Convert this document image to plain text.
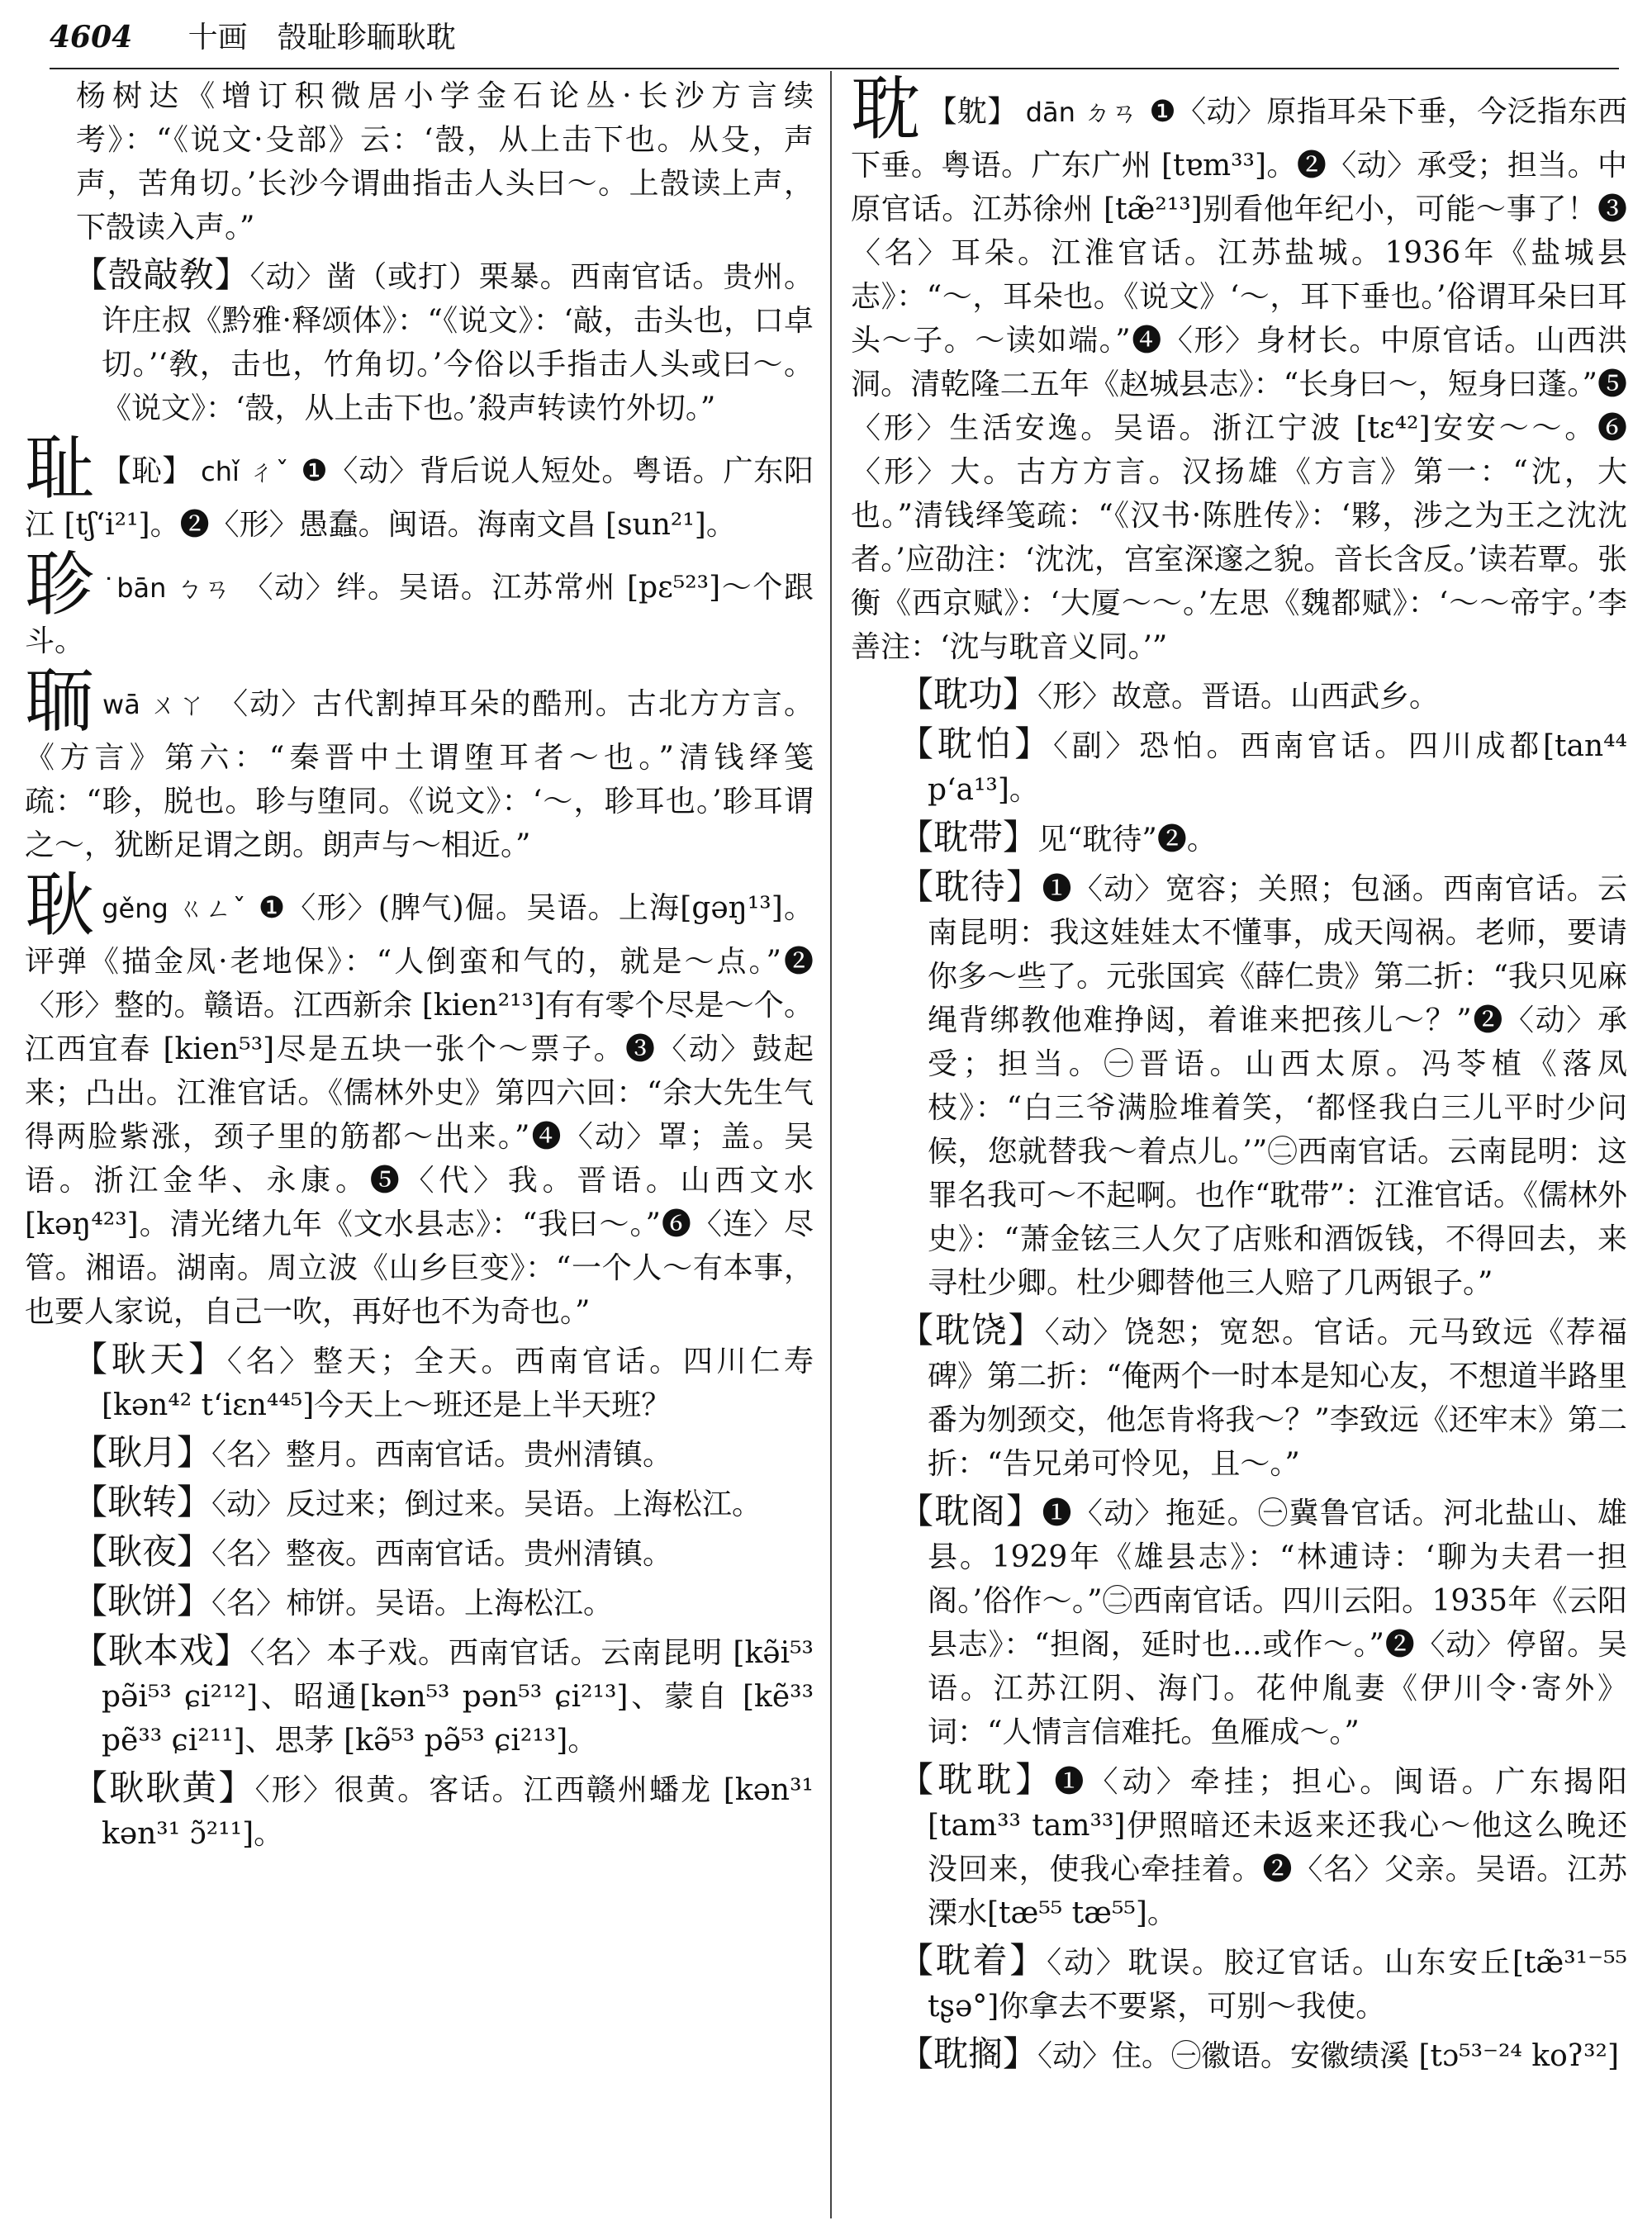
4604 十画 嗀耻聄聏耿耽
杨树达《增订积微居小学金石论丛·长沙方言续考》：“《说文·殳部》云：‘嗀，从上击下也。从殳，声声，苦角切。’长沙今谓曲指击人头曰～。上嗀读上声，下嗀读入声。”
【嗀敲敎】〈动〉凿（或打）栗暴。西南官话。贵州。许庄叔《黔雅·释颂体》：“《说文》：‘敲，击头也，口卓切。’‘敎，击也，竹角切。’今俗以手指击人头或曰～。《说文》：‘嗀，从上击下也。’殺声转读竹外切。”
耻 【恥】 chǐ ㄔˇ ❶〈动〉背后说人短处。粤语。广东阳江 [tʃʻi²¹]。❷〈形〉愚蠢。闽语。海南文昌 [sun²¹]。
聄 ˙bān ㄅㄢ 〈动〉绊。吴语。江苏常州 [pɛ⁵²³]～个跟斗。
聏wā ㄨㄚ 〈动〉古代割掉耳朵的酷刑。古北方方言。《方言》第六：“秦晋中土谓堕耳者～也。”清钱绎笺疏：“聄，脱也。聄与堕同。《说文》：‘～，聄耳也。’聄耳谓之～，犹断足谓之朗。朗声与～相近。”
耿gěng ㄍㄥˇ ❶〈形〉(脾气)倔。吴语。上海[gəŋ¹³]。评弹《描金凤·老地保》：“人倒蛮和气的，就是～点。”❷〈形〉整的。赣语。江西新余 [kien²¹³]有有零个尽是～个。江西宜春 [kien⁵³]尽是五块一张个～票子。❸〈动〉鼓起来；凸出。江淮官话。《儒林外史》第四六回：“余大先生气得两脸紫涨，颈子里的筋都～出来。”❹〈动〉罩；盖。吴语。浙江金华、永康。❺〈代〉我。晋语。山西文水 [kəŋ⁴²³]。清光绪九年《文水县志》：“我曰～。”❻〈连〉尽管。湘语。湖南。周立波《山乡巨变》：“一个人～有本事，也要人家说，自己一吹，再好也不为奇也。”
【耿天】〈名〉整天；全天。西南官话。四川仁寿[kən⁴² tʻiɛn⁴⁴⁵]今天上～班还是上半天班？
【耿月】〈名〉整月。西南官话。贵州清镇。
【耿转】〈动〉反过来；倒过来。吴语。上海松江。
【耿夜】〈名〉整夜。西南官话。贵州清镇。
【耿饼】〈名〉柿饼。吴语。上海松江。
【耿本戏】〈名〉本子戏。西南官话。云南昆明 [kə̃i⁵³ pə̃i⁵³ ɕi²¹²]、昭通[kən⁵³ pən⁵³ ɕi²¹³]、蒙自 [kẽ³³ pẽ³³ ɕi²¹¹]、思茅 [kə̃⁵³ pə̃⁵³ ɕi²¹³]。
【耿耿黄】〈形〉很黄。客话。江西赣州蟠龙 [kən³¹ kən³¹ ɔ̃²¹¹]。
耽 【躭】 dān ㄉㄢ ❶〈动〉原指耳朵下垂，今泛指东西下垂。粤语。广东广州 [tɐm³³]。❷〈动〉承受；担当。中原官话。江苏徐州 [tæ̃²¹³]别看他年纪小，可能～事了！❸〈名〉耳朵。江淮官话。江苏盐城。1936年《盐城县志》：“～，耳朵也。《说文》‘～，耳下垂也。’俗谓耳朵曰耳头～子。～读如端。”❹〈形〉身材长。中原官话。山西洪洞。清乾隆二五年《赵城县志》：“长身曰～，短身曰蓬。”❺〈形〉生活安逸。吴语。浙江宁波 [tɛ⁴²]安安～～。❻〈形〉大。古方方言。汉扬雄《方言》第一：“沈，大也。”清钱绎笺疏：“《汉书·陈胜传》：‘夥，涉之为王之沈沈者。’应劭注：‘沈沈，宫室深邃之貌。音长含反。’读若覃。张衡《西京赋》：‘大厦～～。’左思《魏都赋》：‘～～帝宇。’李善注：‘沈与耽音义同。’”
【耽功】〈形〉故意。晋语。山西武乡。
【耽怕】〈副〉恐怕。西南官话。四川成都[tan⁴⁴ pʻa¹³]。
【耽带】见“耽待”❷。
【耽待】❶〈动〉宽容；关照；包涵。西南官话。云南昆明：我这娃娃太不懂事，成天闯祸。老师，要请你多～些了。元张国宾《薛仁贵》第二折：“我只见麻绳背绑教他难挣闼，着谁来把孩儿～？”❷〈动〉承受；担当。㊀晋语。山西太原。冯苓植《落凤枝》：“白三爷满脸堆着笑，‘都怪我白三儿平时少问候，您就替我～着点儿。’”㊁西南官话。云南昆明：这罪名我可～不起啊。也作“耽带”：江淮官话。《儒林外史》：“萧金铉三人欠了店账和酒饭钱，不得回去，来寻杜少卿。杜少卿替他三人赔了几两银子。”
【耽饶】〈动〉饶恕；宽恕。官话。元马致远《荐福碑》第二折：“俺两个一时本是知心友，不想道半路里番为刎颈交，他怎肯将我～？”李致远《还牢末》第二折：“告兄弟可怜见，且～。”
【耽阁】❶〈动〉拖延。㊀冀鲁官话。河北盐山、雄县。1929年《雄县志》：“林逋诗：‘聊为夫君一担阁。’俗作～。”㊁西南官话。四川云阳。1935年《云阳县志》：“担阁，延时也…或作～。”❷〈动〉停留。吴语。江苏江阴、海门。花仲胤妻《伊川令·寄外》词：“人情言信难托。鱼雁成～。”
【耽耽】❶〈动〉牵挂；担心。闽语。广东揭阳 [tam³³ tam³³]伊照暗还未返来还我心～他这么晚还没回来，使我心牵挂着。❷〈名〉父亲。吴语。江苏溧水[tæ⁵⁵ tæ⁵⁵]。
【耽着】〈动〉耽误。胶辽官话。山东安丘[tæ̃³¹⁻⁵⁵ tʂə°]你拿去不要紧，可别～我使。
【耽搁】〈动〉住。㊀徽语。安徽绩溪 [tɔ⁵³⁻²⁴ koʔ³²]
